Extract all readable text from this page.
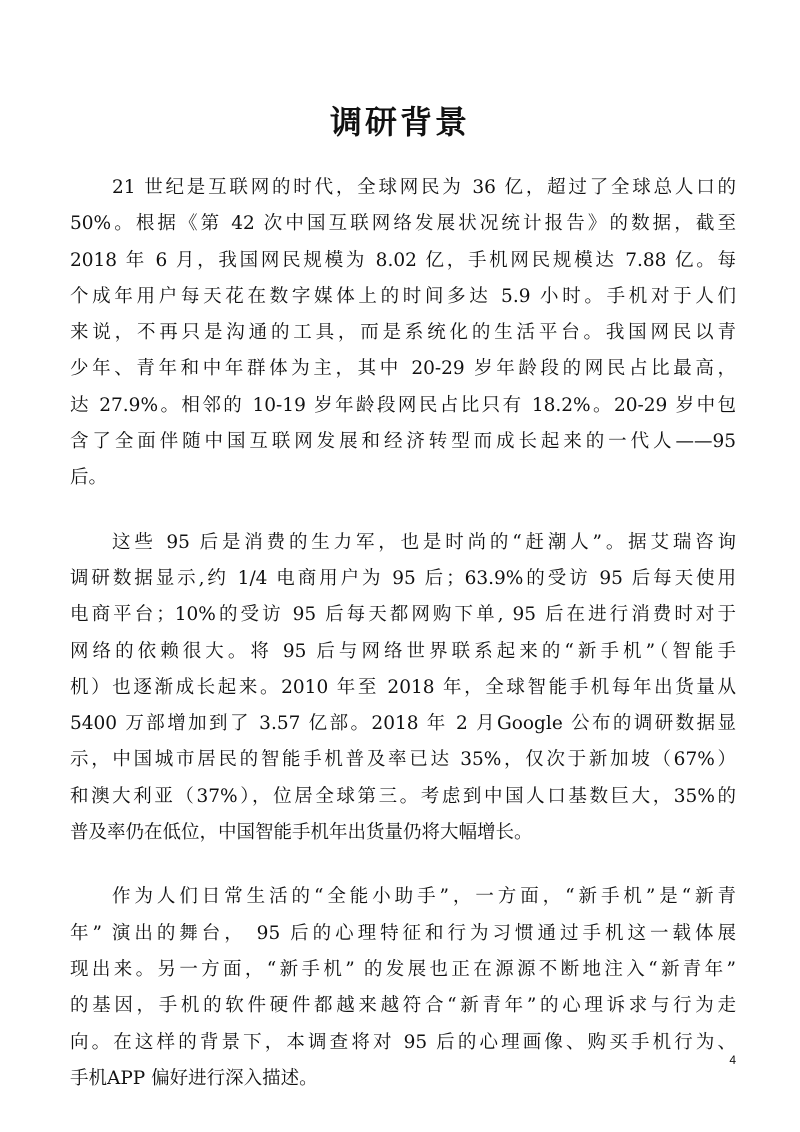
调研背景
21 世纪是互联网的时代，全球网民为 36 亿，超过了全球总人口的
50%。根据《第 42 次中国互联网络发展状况统计报告》的数据，截至
2018 年 6 月，我国网民规模为 8.02 亿，手机网民规模达 7.88 亿。每
个成年用户每天花在数字媒体上的时间多达 5.9 小时。手机对于人们
来说，不再只是沟通的工具，而是系统化的生活平台。我国网民以青
少年、青年和中年群体为主，其中 20-29 岁年龄段的网民占比最高，
达 27.9%。相邻的 10-19 岁年龄段网民占比只有 18.2%。20-29 岁中包
含了全面伴随中国互联网发展和经济转型而成长起来的一代人——95
后。
这些 95 后是消费的生力军，也是时尚的“赶潮人”。据艾瑞咨询
调研数据显示,约 1/4 电商用户为 95 后；63.9%的受访 95 后每天使用
电商平台；10%的受访 95 后每天都网购下单, 95 后在进行消费时对于
网络的依赖很大。将 95 后与网络世界联系起来的“新手机”（智能手
机）也逐渐成长起来。2010 年至 2018 年，全球智能手机每年出货量从
5400 万部增加到了 3.57 亿部。2018 年 2 月Google 公布的调研数据显
示，中国城市居民的智能手机普及率已达 35%，仅次于新加坡（67%）
和澳大利亚（37%），位居全球第三。考虑到中国人口基数巨大，35%的
普及率仍在低位，中国智能手机年出货量仍将大幅增长。
作为人们日常生活的“全能小助手”，一方面，“新手机”是“新青
年” 演出的舞台， 95 后的心理特征和行为习惯通过手机这一载体展
现出来。另一方面，“新手机” 的发展也正在源源不断地注入“新青年”
的基因，手机的软件硬件都越来越符合“新青年”的心理诉求与行为走
向。在这样的背景下，本调查将对 95 后的心理画像、购买手机行为、
手机APP 偏好进行深入描述。
4
